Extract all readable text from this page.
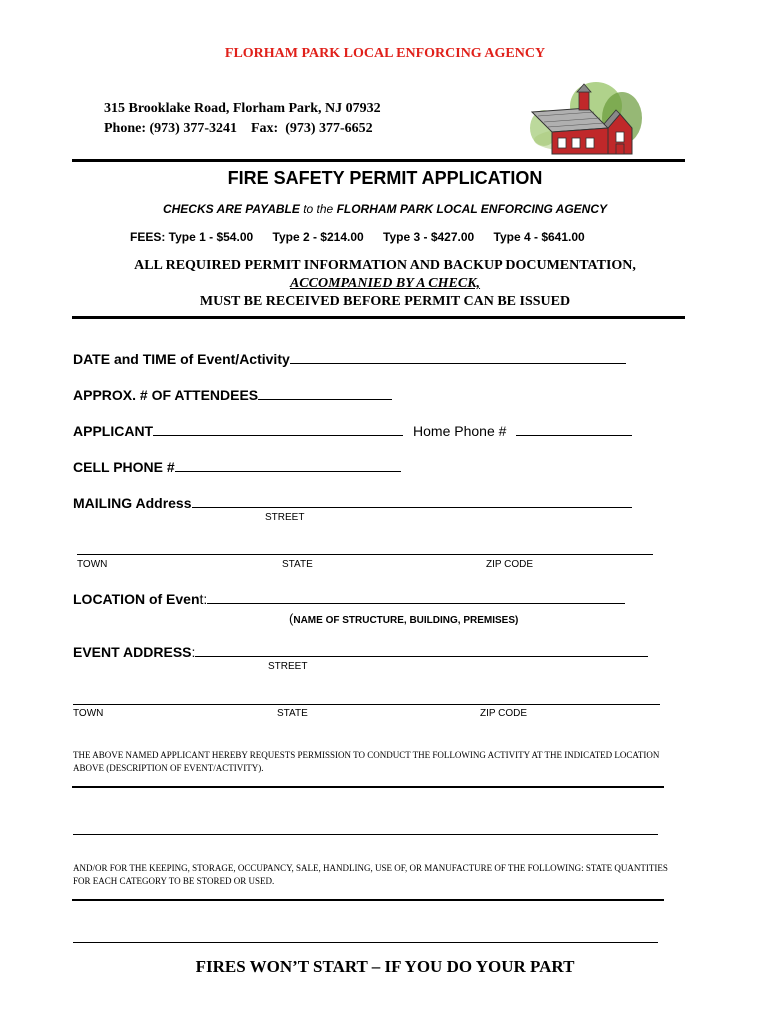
FLORHAM PARK LOCAL ENFORCING AGENCY
315 Brooklake Road, Florham Park, NJ 07932
Phone: (973) 377-3241    Fax:  (973) 377-6652
FIRE SAFETY PERMIT APPLICATION
CHECKS ARE PAYABLE to the FLORHAM PARK LOCAL ENFORCING AGENCY
FEES: Type 1 - $54.00 Type 2 - $214.00 Type 3 - $427.00 Type 4 - $641.00
ALL REQUIRED PERMIT INFORMATION AND BACKUP DOCUMENTATION,
ACCOMPANIED BY A CHECK,
MUST BE RECEIVED BEFORE PERMIT CAN BE ISSUED
DATE and TIME of Event/Activity
APPROX. # OF ATTENDEES
APPLICANT	Home Phone #
CELL PHONE #
MAILING Address
STREET
TOWN	STATE	ZIP CODE
LOCATION of Event:
(NAME OF STRUCTURE, BUILDING, PREMISES)
EVENT ADDRESS:
STREET
TOWN	STATE	ZIP CODE
THE ABOVE NAMED APPLICANT HEREBY REQUESTS PERMISSION TO CONDUCT THE FOLLOWING ACTIVITY AT THE INDICATED LOCATION ABOVE (DESCRIPTION OF EVENT/ACTIVITY).
AND/OR FOR THE KEEPING, STORAGE, OCCUPANCY, SALE, HANDLING, USE OF, OR MANUFACTURE OF THE FOLLOWING: STATE QUANTITIES FOR EACH CATEGORY TO BE STORED OR USED.
FIRES WON’T START – IF YOU DO YOUR PART
